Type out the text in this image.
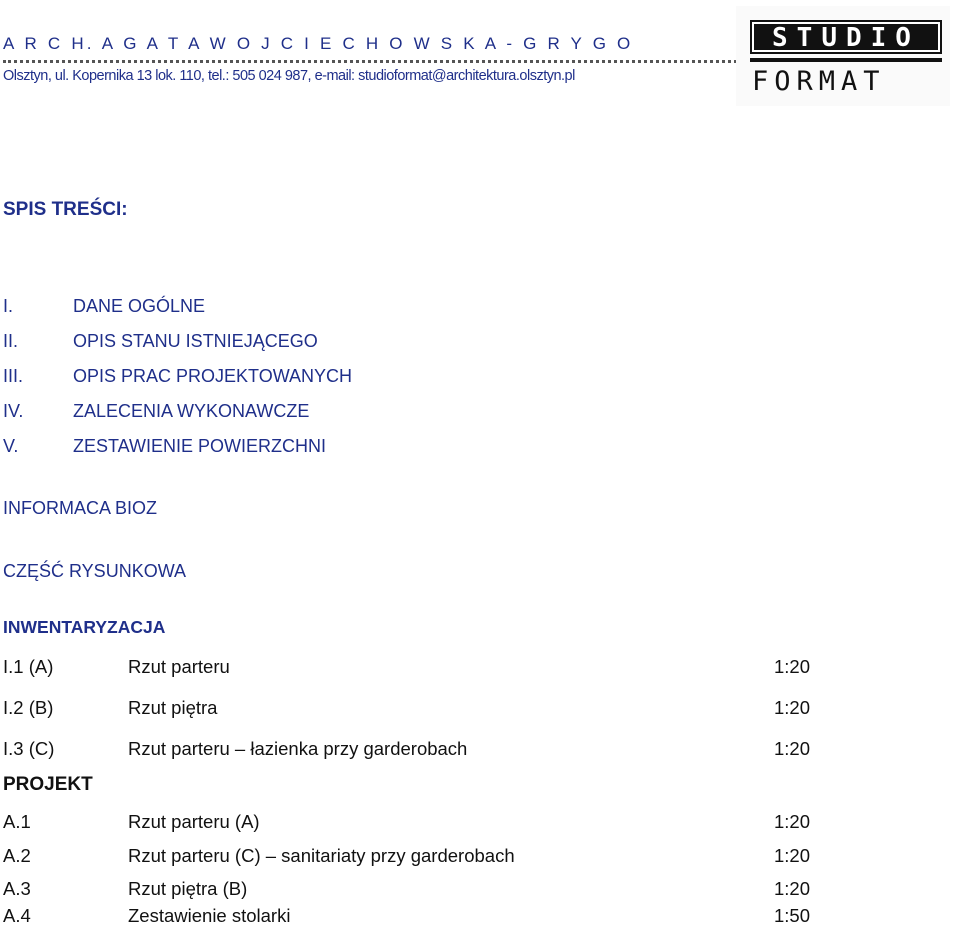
A R C H. A G A T A W O J C I E C H O W S K A - G R Y G O
Olsztyn, ul. Kopernika 13 lok. 110, tel.: 505 024 987, e-mail: studioformat@architektura.olsztyn.pl
STUDIO
FORMAT
SPIS TREŚCI:
I.	DANE OGÓLNE
II.	OPIS STANU ISTNIEJĄCEGO
III.	OPIS PRAC PROJEKTOWANYCH
IV.	ZALECENIA WYKONAWCZE
V.	ZESTAWIENIE POWIERZCHNI
INFORMACA BIOZ
CZĘŚĆ RYSUNKOWA
INWENTARYZACJA
I.1 (A)	Rzut parteru	1:20
I.2 (B)	Rzut piętra	1:20
I.3 (C)	Rzut parteru – łazienka przy garderobach	1:20
PROJEKT
A.1	Rzut parteru (A)	1:20
A.2	Rzut parteru (C) – sanitariaty przy garderobach	1:20
A.3	Rzut piętra (B)	1:20
A.4	Zestawienie stolarki	1:50
